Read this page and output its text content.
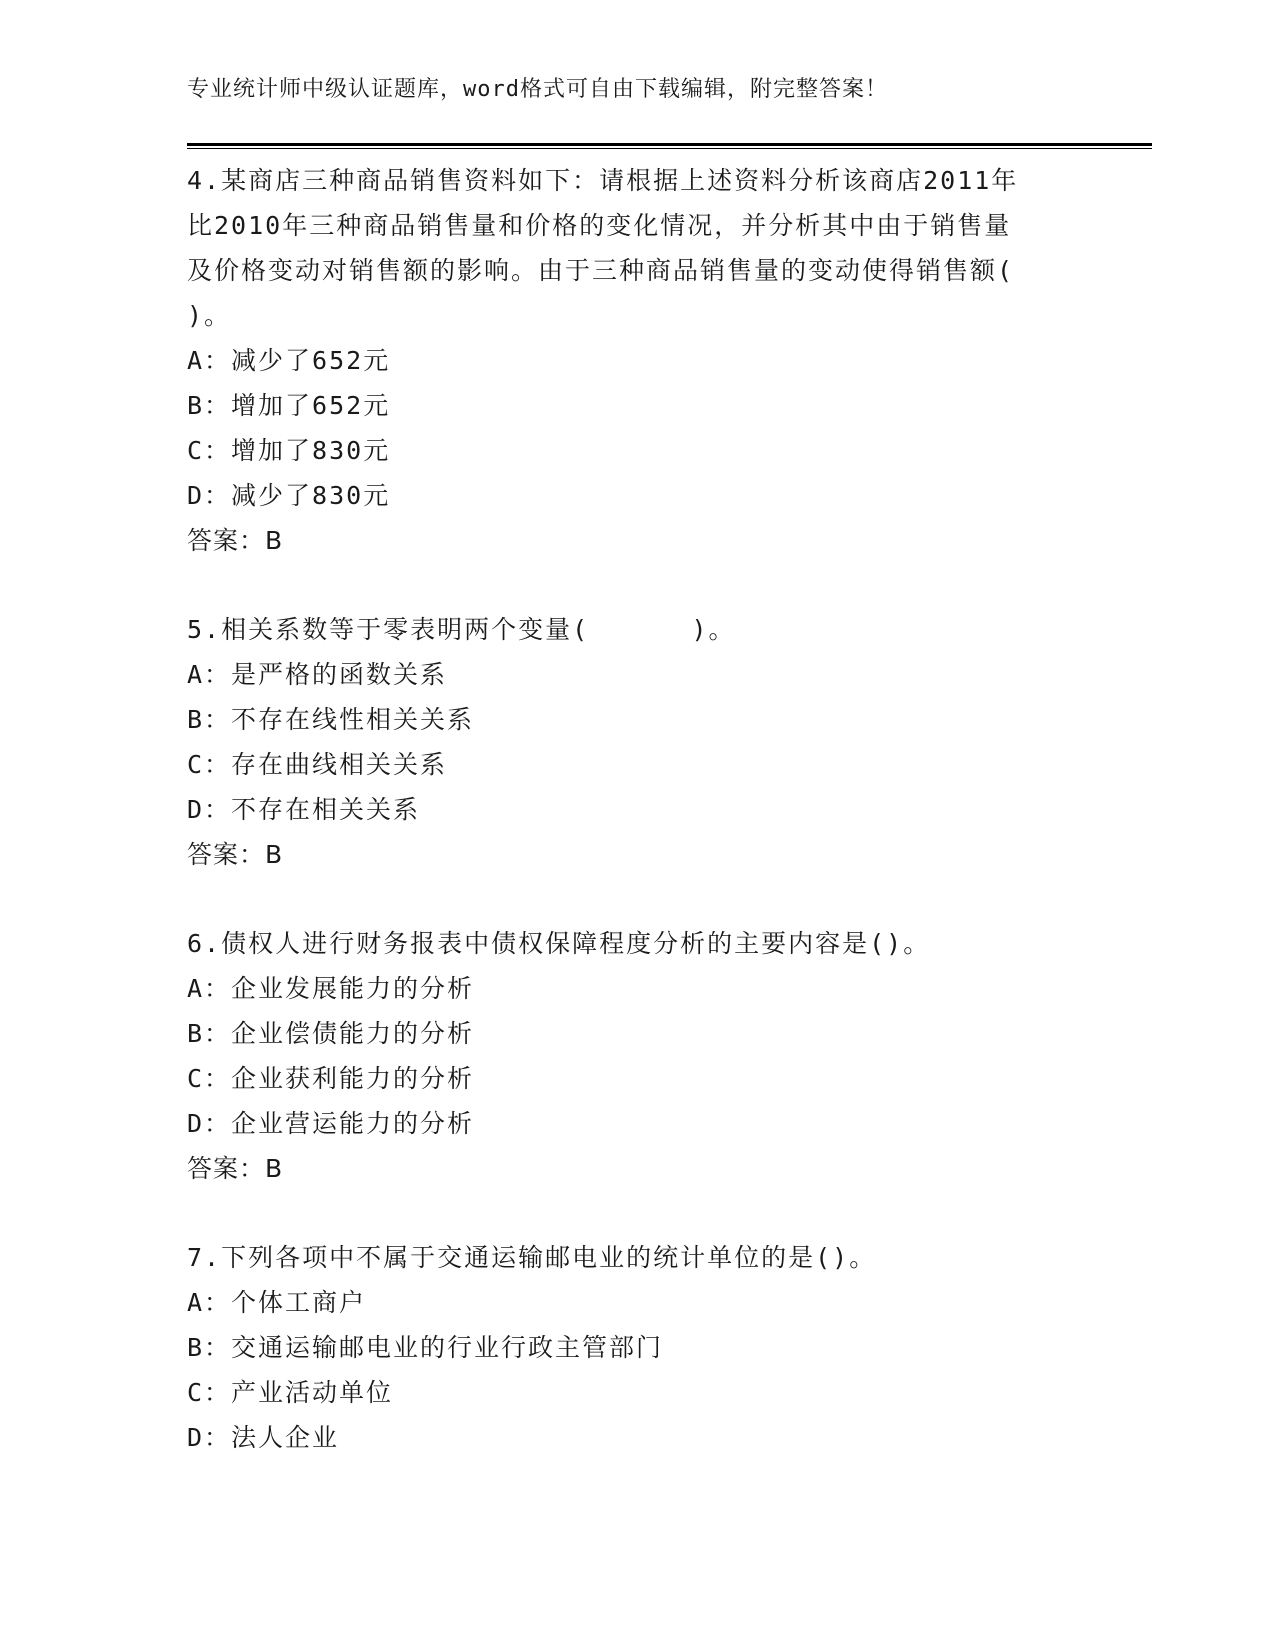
专业统计师中级认证题库，word格式可自由下载编辑，附完整答案！
4.某商店三种商品销售资料如下：请根据上述资料分析该商店2011年
比2010年三种商品销售量和价格的变化情况，并分析其中由于销售量
及价格变动对销售额的影响。由于三种商品销售量的变动使得销售额(
)。
A：减少了652元
B：增加了652元
C：增加了830元
D：减少了830元
答案：B
5.相关系数等于零表明两个变量(      )。
A：是严格的函数关系
B：不存在线性相关关系
C：存在曲线相关关系
D：不存在相关关系
答案：B
6.债权人进行财务报表中债权保障程度分析的主要内容是()。
A：企业发展能力的分析
B：企业偿债能力的分析
C：企业获利能力的分析
D：企业营运能力的分析
答案：B
7.下列各项中不属于交通运输邮电业的统计单位的是()。
A：个体工商户
B：交通运输邮电业的行业行政主管部门
C：产业活动单位
D：法人企业
